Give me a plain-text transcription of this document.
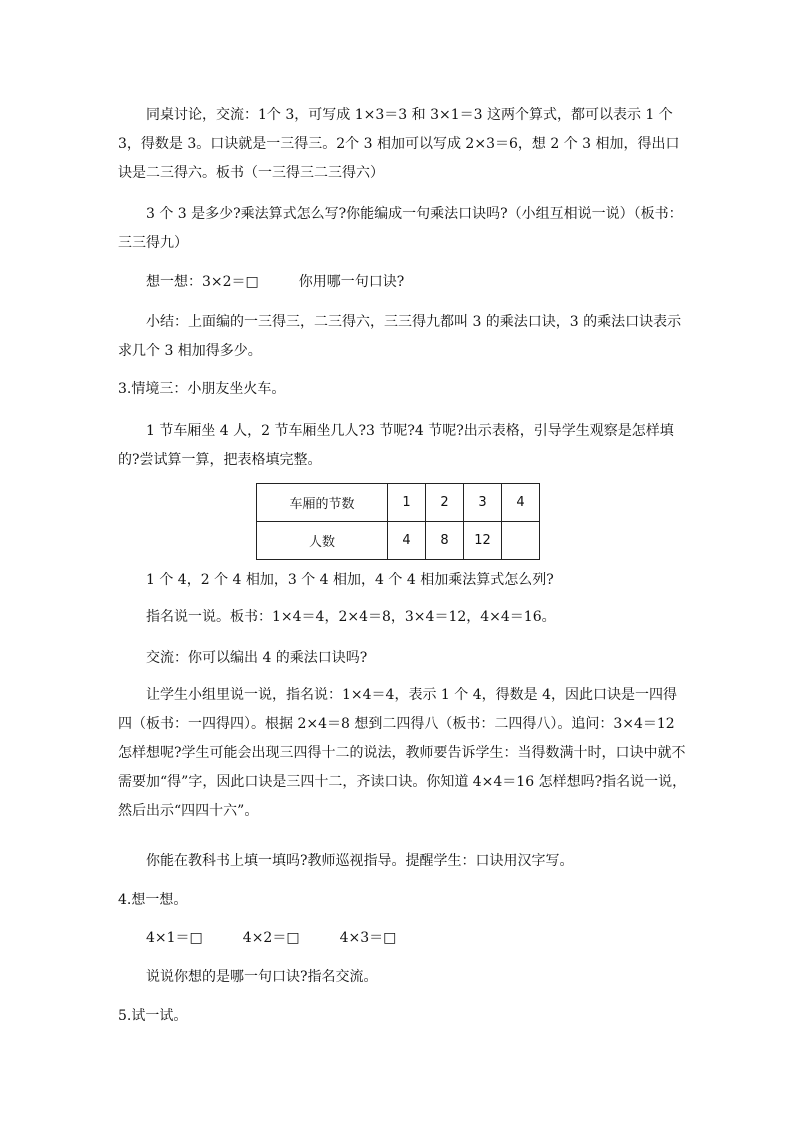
同桌讨论，交流：1个 3，可写成 1×3＝3 和 3×1＝3 这两个算式，都可以表示 1 个 3，得数是 3。口诀就是一三得三。2个 3 相加可以写成 2×3＝6，想 2 个 3 相加，得出口诀是二三得六。板书（一三得三二三得六）
3 个 3 是多少?乘法算式怎么写?你能编成一句乘法口诀吗?（小组互相说一说）（板书：三三得九）
想一想：3×2＝□	你用哪一句口诀?
小结：上面编的一三得三，二三得六，三三得九都叫 3 的乘法口诀，3 的乘法口诀表示求几个 3 相加得多少。
3.情境三：小朋友坐火车。
1 节车厢坐 4 人，2 节车厢坐几人?3 节呢?4 节呢?出示表格，引导学生观察是怎样填的?尝试算一算，把表格填完整。
车厢的节数	1	2	3	4
人数	4	8	12	
1 个 4，2 个 4 相加，3 个 4 相加，4 个 4 相加乘法算式怎么列?
指名说一说。板书：1×4＝4，2×4＝8，3×4＝12，4×4＝16。
交流：你可以编出 4 的乘法口诀吗?
让学生小组里说一说，指名说：1×4＝4，表示 1 个 4，得数是 4，因此口诀是一四得四（板书：一四得四）。根据 2×4＝8 想到二四得八（板书：二四得八）。追问：3×4＝12 怎样想呢?学生可能会出现三四得十二的说法，教师要告诉学生：当得数满十时，口诀中就不需要加“得”字，因此口诀是三四十二，齐读口诀。你知道 4×4＝16 怎样想吗?指名说一说，然后出示“四四十六”。
你能在教科书上填一填吗?教师巡视指导。提醒学生：口诀用汉字写。
4.想一想。
4×1＝□	4×2＝□	4×3＝□
说说你想的是哪一句口诀?指名交流。
5.试一试。
